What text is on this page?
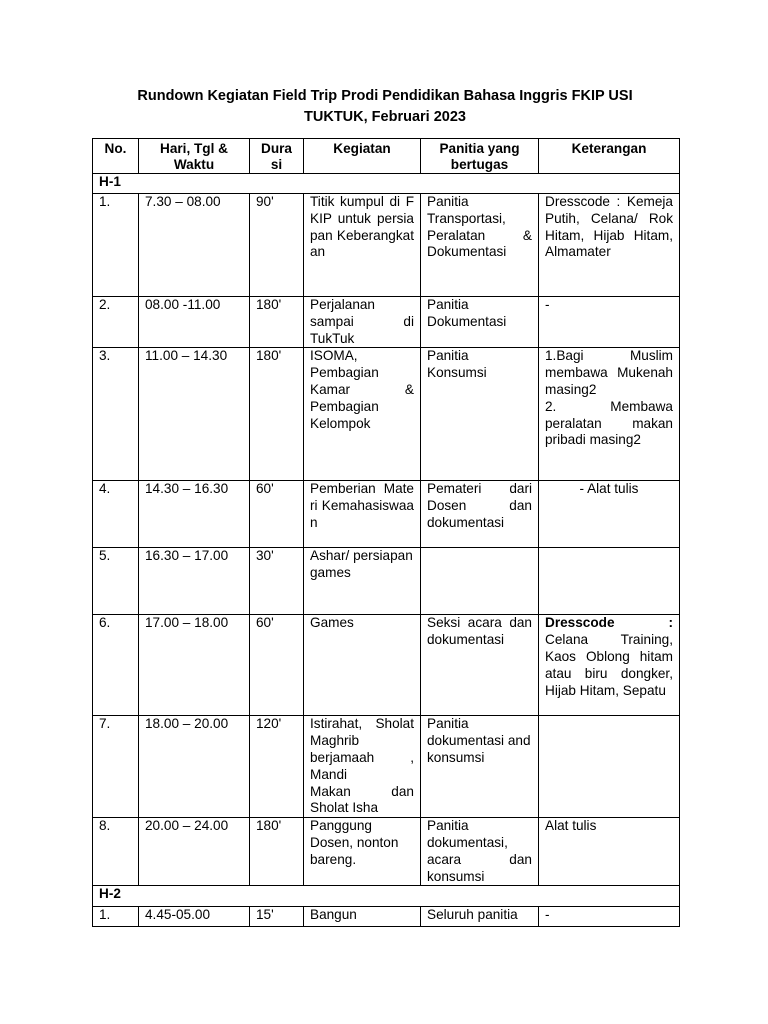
Rundown Kegiatan Field Trip Prodi Pendidikan Bahasa Inggris FKIP USI
TUKTUK, Februari 2023
No.	Hari, Tgl & Waktu	Dura si	Kegiatan	Panitia yang bertugas	Keterangan
H-1					
1.	7.30 – 08.00	90'	Titik kumpul di FKIP untuk persiapan Keberangkatan	Panitia Transportasi, Peralatan & Dokumentasi	Dresscode : Kemeja Putih, Celana/ Rok Hitam, Hijab Hitam, Almamater
2.	08.00 -11.00	180'	Perjalanan sampai di TukTuk	Panitia Dokumentasi	-
3.	11.00 – 14.30	180'	ISOMA, Pembagian Kamar & Pembagian Kelompok	Panitia Konsumsi	1.Bagi Muslim membawa Mukenah masing2
2. Membawa peralatan makan pribadi masing2

4.	14.30 – 16.30	60'	Pemberian Materi Kemahasiswaan	Pemateri dari Dosen dan dokumentasi	- Alat tulis
5.	16.30 – 17.00	30'	Ashar/ persiapan games		
6.	17.00 – 18.00	60'	Games	Seksi acara dan dokumentasi	Dresscode :
Celana Training, Kaos Oblong hitam atau biru dongker, Hijab Hitam, Sepatu

7.	18.00 – 20.00	120'	Istirahat, Sholat Maghrib berjamaah , Mandi
Makan dan Sholat Isha	Panitia dokumentasi and konsumsi	
8.	20.00 – 24.00	180'	Panggung Dosen, nonton bareng.	Panitia dokumentasi, acara dan konsumsi	Alat tulis
H-2					
1.	4.45-05.00	15'	Bangun	Seluruh panitia	-
